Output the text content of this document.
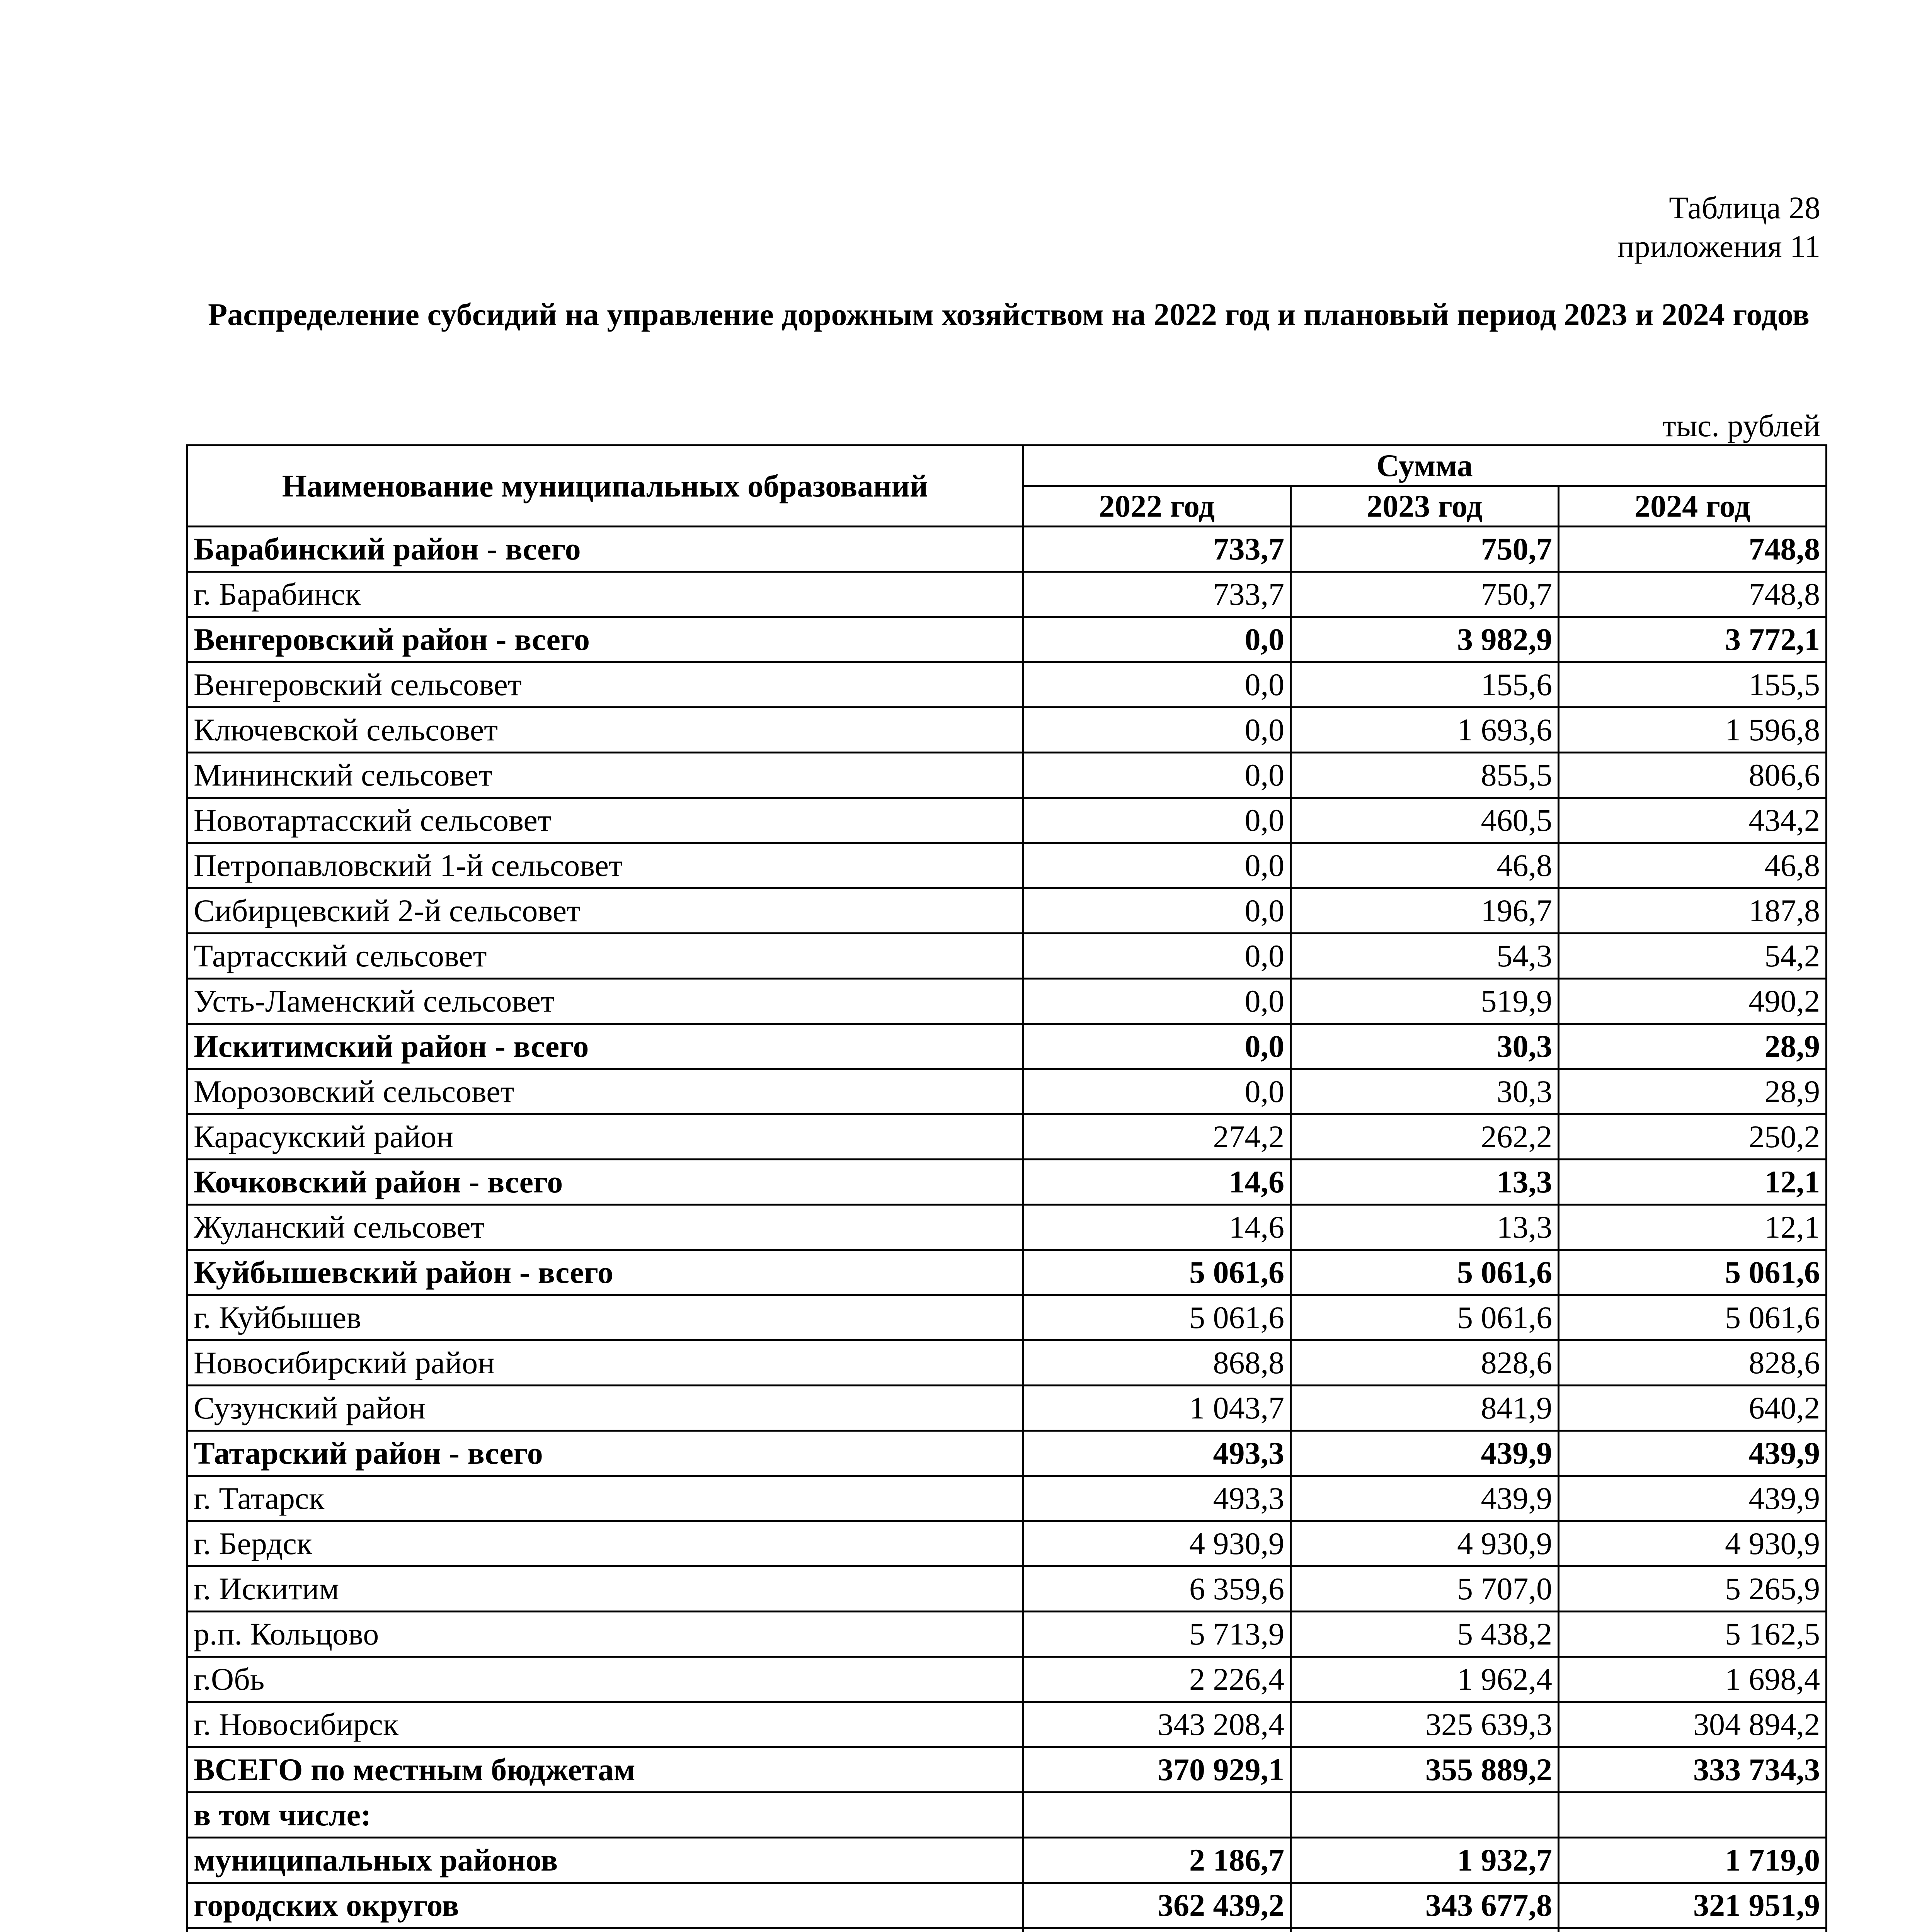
Таблица 28
приложения 11
Распределение субсидий на управление дорожным хозяйством на 2022 год и плановый период 2023 и 2024 годов
тыс. рублей
Наименование муниципальных образований	Сумма		
	2022 год	2023 год	2024 год
Барабинский район - всего	733,7	750,7	748,8
г. Барабинск	733,7	750,7	748,8
Венгеровский район - всего	0,0	3 982,9	3 772,1
Венгеровский сельсовет	0,0	155,6	155,5
Ключевской сельсовет	0,0	1 693,6	1 596,8
Мининский сельсовет	0,0	855,5	806,6
Новотартасский сельсовет	0,0	460,5	434,2
Петропавловский 1-й сельсовет	0,0	46,8	46,8
Сибирцевский 2-й сельсовет	0,0	196,7	187,8
Тартасский сельсовет	0,0	54,3	54,2
Усть-Ламенский сельсовет	0,0	519,9	490,2
Искитимский район - всего	0,0	30,3	28,9
Морозовский сельсовет	0,0	30,3	28,9
Карасукский район	274,2	262,2	250,2
Кочковский район - всего	14,6	13,3	12,1
Жуланский сельсовет	14,6	13,3	12,1
Куйбышевский район - всего	5 061,6	5 061,6	5 061,6
г. Куйбышев	5 061,6	5 061,6	5 061,6
Новосибирский район	868,8	828,6	828,6
Сузунский район	1 043,7	841,9	640,2
Татарский район - всего	493,3	439,9	439,9
г. Татарск	493,3	439,9	439,9
г. Бердск	4 930,9	4 930,9	4 930,9
г. Искитим	6 359,6	5 707,0	5 265,9
р.п. Кольцово	5 713,9	5 438,2	5 162,5
г.Обь	2 226,4	1 962,4	1 698,4
г. Новосибирск	343 208,4	325 639,3	304 894,2
ВСЕГО по местным бюджетам	370 929,1	355 889,2	333 734,3
в том числе:			
муниципальных районов	2 186,7	1 932,7	1 719,0
городских округов	362 439,2	343 677,8	321 951,9
